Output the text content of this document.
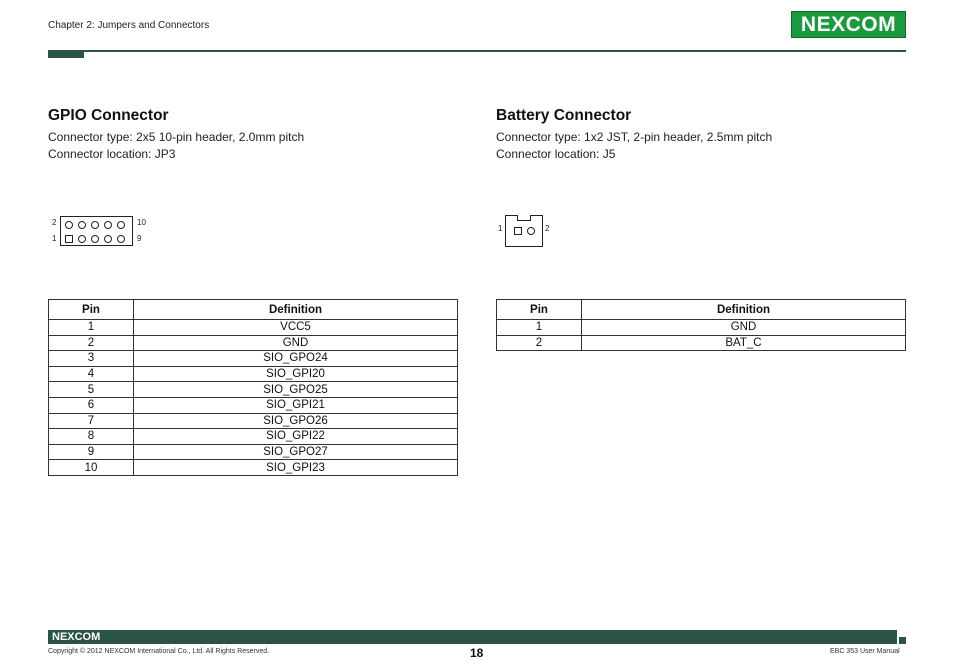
Chapter 2: Jumpers and Connectors	NEXCOM
GPIO Connector
Connector type: 2x5 10-pin header, 2.0mm pitch
Connector location: JP3
2
1
10
9
Pin	Definition
1	VCC5
2	GND
3	SIO_GPO24
4	SIO_GPI20
5	SIO_GPO25
6	SIO_GPI21
7	SIO_GPO26
8	SIO_GPI22
9	SIO_GPO27
10	SIO_GPI23
Battery Connector
Connector type: 1x2 JST, 2-pin header, 2.5mm pitch
Connector location: J5
1	2
Pin	Definition
1	GND
2	BAT_C
NEXCOM
Copyright © 2012 NEXCOM International Co., Ltd. All Rights Reserved.	18	EBC 353 User Manual
